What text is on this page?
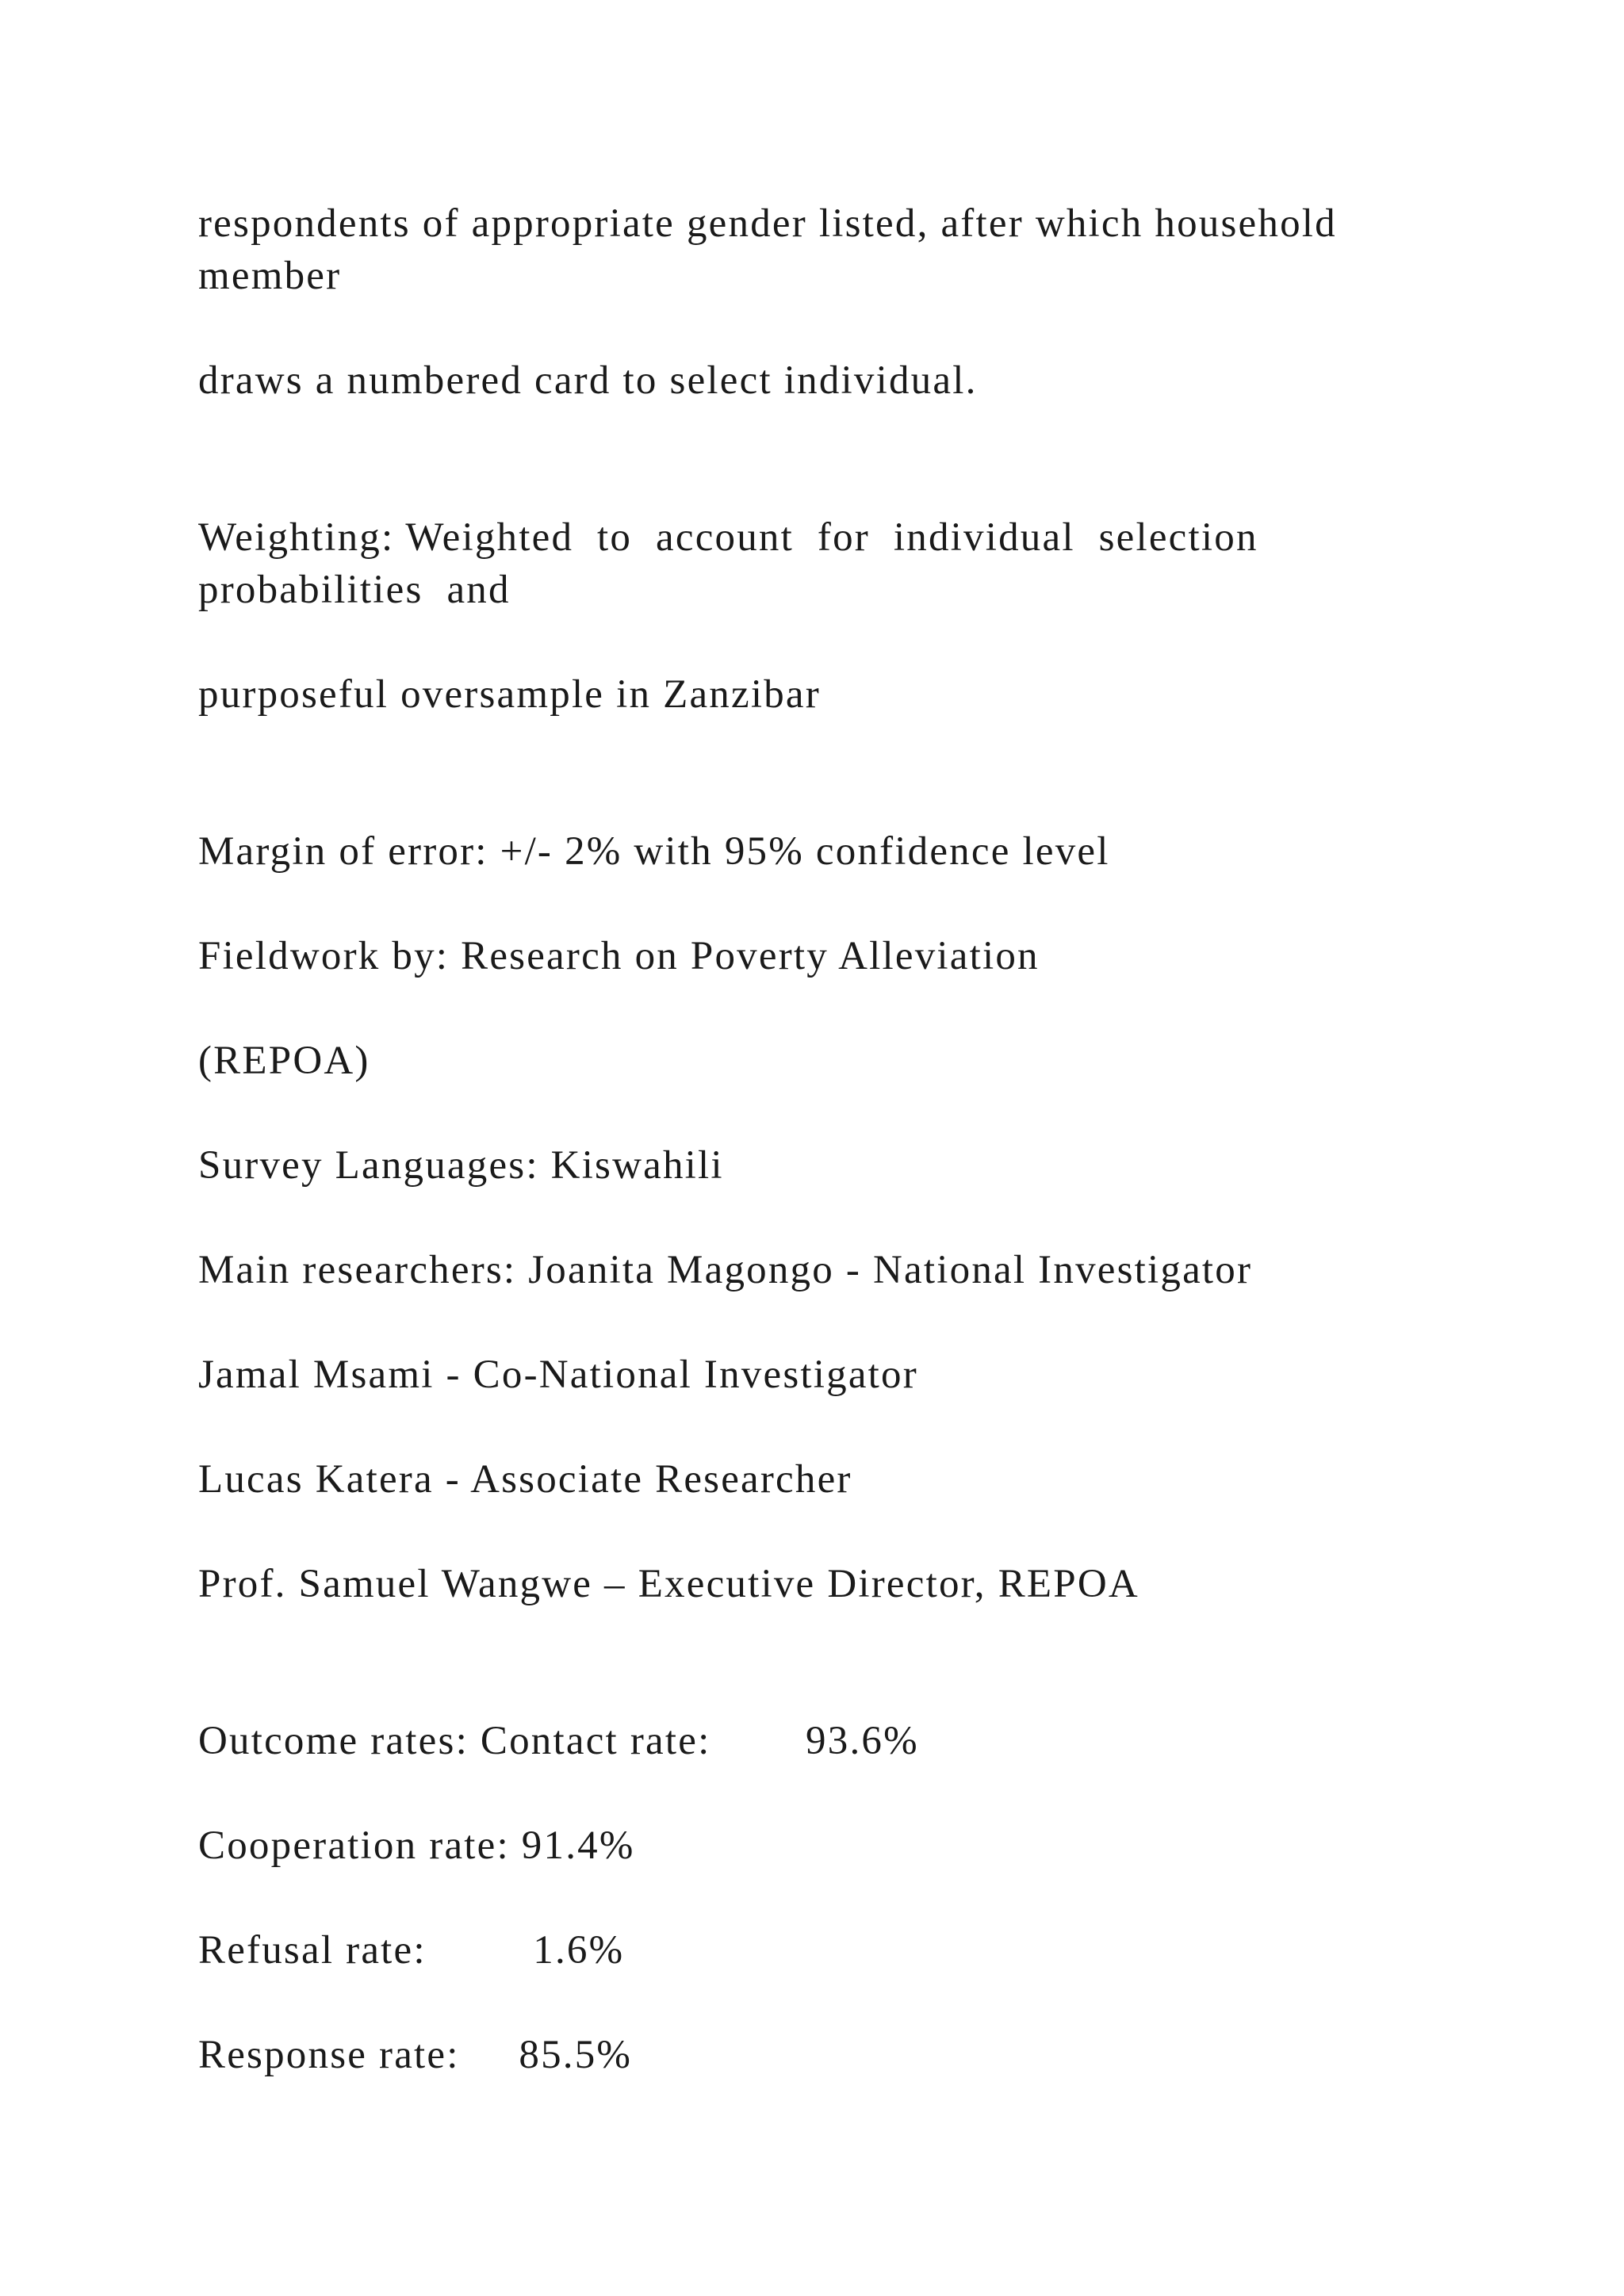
respondents of appropriate gender listed, after which household

member

draws a numbered card to select individual.

Weighting: Weighted  to  account  for  individual  selection

probabilities  and

purposeful oversample in Zanzibar

Margin of error: +/- 2% with 95% confidence level

Fieldwork by: Research on Poverty Alleviation

(REPOA)

Survey Languages: Kiswahili

Main researchers: Joanita Magongo - National Investigator

Jamal Msami - Co-National Investigator

Lucas Katera - Associate Researcher

Prof. Samuel Wangwe – Executive Director, REPOA

Outcome rates: Contact rate:        93.6%

Cooperation rate: 91.4%

Refusal rate:         1.6%

Response rate:     85.5%
